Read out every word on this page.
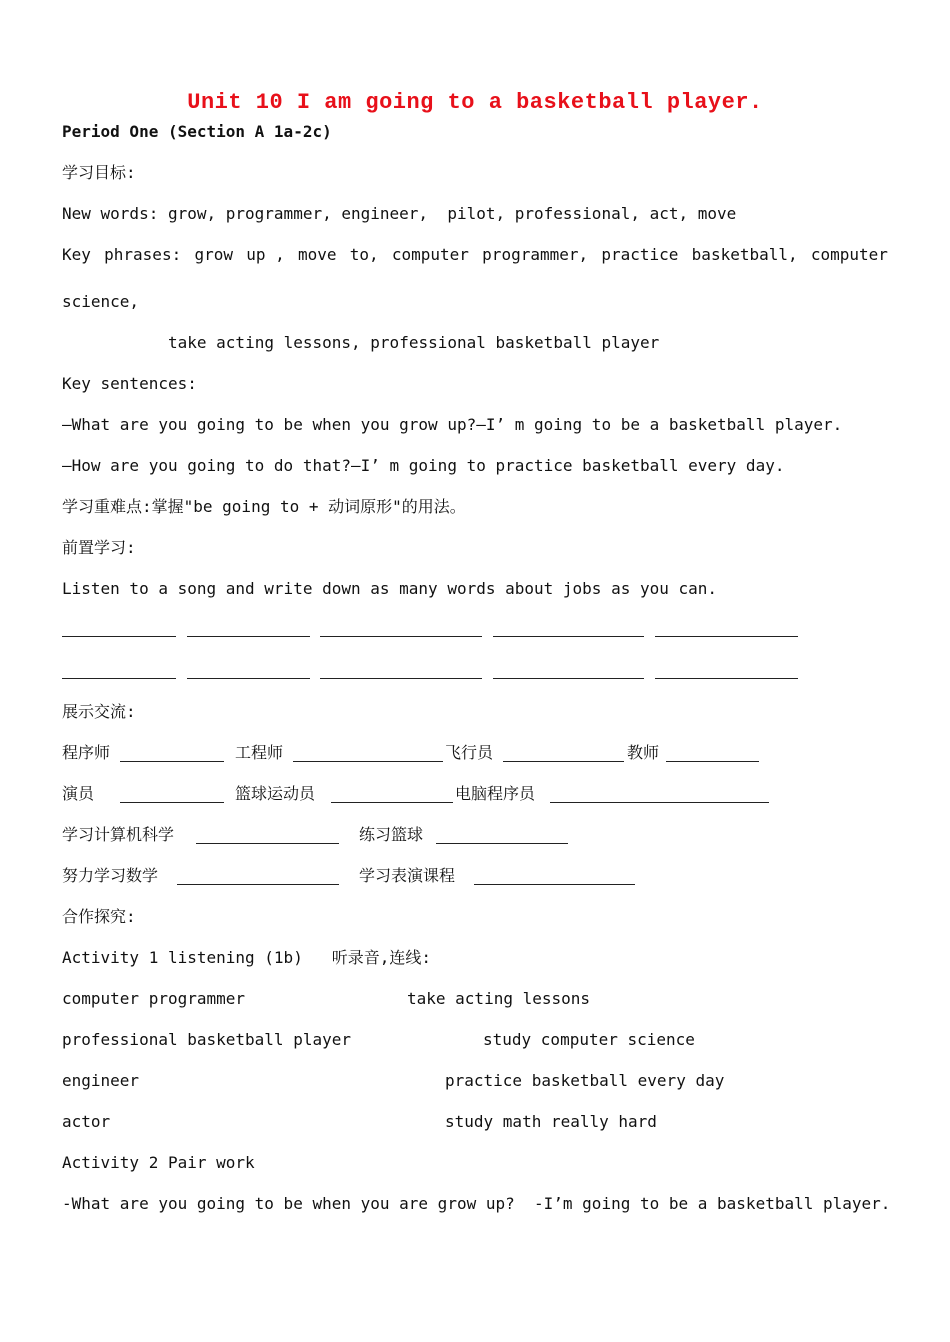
Unit 10 I am going to a basketball player.
Period One (Section A 1a-2c)
学习目标:
New words: grow, programmer, engineer,  pilot, professional, act, move
Key phrases: grow up , move to, computer programmer, practice basketball, computer
science,
take acting lessons, professional basketball player
Key sentences:
—What are you going to be when you grow up?—I’ m going to be a basketball player.
—How are you going to do that?—I’ m going to practice basketball every day.
学习重难点:掌握"be going to + 动词原形"的用法。
前置学习:
Listen to a song and write down as many words about jobs as you can.
展示交流:
程序师	工程师	飞行员	教师
演员	篮球运动员	电脑程序员
学习计算机科学	练习篮球
努力学习数学	学习表演课程
合作探究:
Activity 1 listening (1b)   听录音,连线:
computer programmer	take acting lessons
professional basketball player	study computer science
engineer	practice basketball every day
actor	study math really hard
Activity 2 Pair work
-What are you going to be when you are grow up?  -I’m going to be a basketball player.
